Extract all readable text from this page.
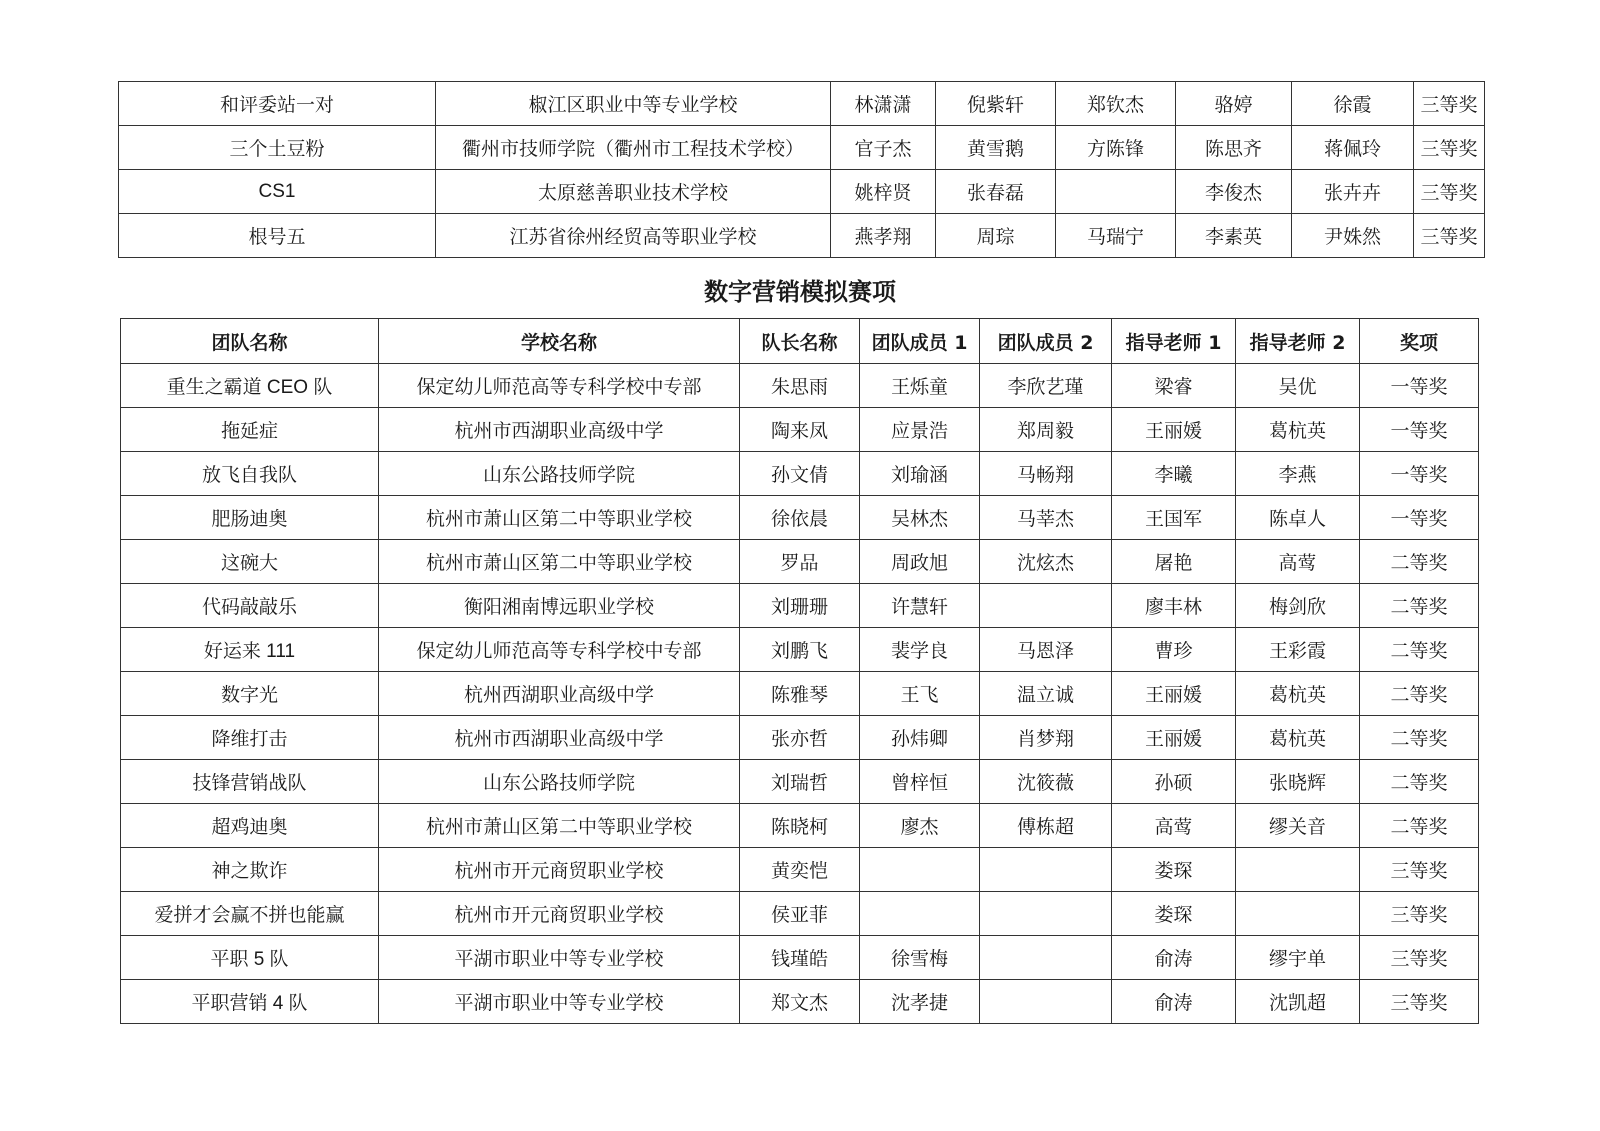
和评委站一对	椒江区职业中等专业学校	林潇潇	倪紫轩	郑钦杰	骆婷	徐霞	三等奖
三个土豆粉	衢州市技师学院（衢州市工程技术学校）	官子杰	黄雪鹅	方陈锋	陈思齐	蒋佩玲	三等奖
CS1	太原慈善职业技术学校	姚梓贤	张春磊		李俊杰	张卉卉	三等奖
根号五	江苏省徐州经贸高等职业学校	燕孝翔	周琮	马瑞宁	李素英	尹姝然	三等奖
数字营销模拟赛项
团队名称	学校名称	队长名称	团队成员 1	团队成员 2	指导老师 1	指导老师 2	奖项
重生之霸道 CEO 队	保定幼儿师范高等专科学校中专部	朱思雨	王烁童	李欣艺瑾	梁睿	吴优	一等奖
拖延症	杭州市西湖职业高级中学	陶来凤	应景浩	郑周毅	王丽媛	葛杭英	一等奖
放飞自我队	山东公路技师学院	孙文倩	刘瑜涵	马畅翔	李曦	李燕	一等奖
肥肠迪奥	杭州市萧山区第二中等职业学校	徐依晨	吴林杰	马莘杰	王国军	陈卓人	一等奖
这碗大	杭州市萧山区第二中等职业学校	罗品	周政旭	沈炫杰	屠艳	高莺	二等奖
代码敲敲乐	衡阳湘南博远职业学校	刘珊珊	许慧轩		廖丰林	梅剑欣	二等奖
好运来 111	保定幼儿师范高等专科学校中专部	刘鹏飞	裴学良	马恩泽	曹珍	王彩霞	二等奖
数字光	杭州西湖职业高级中学	陈雅琴	王飞	温立诚	王丽媛	葛杭英	二等奖
降维打击	杭州市西湖职业高级中学	张亦哲	孙炜卿	肖梦翔	王丽媛	葛杭英	二等奖
技锋营销战队	山东公路技师学院	刘瑞哲	曾梓恒	沈筱薇	孙硕	张晓辉	二等奖
超鸡迪奥	杭州市萧山区第二中等职业学校	陈晓柯	廖杰	傅栋超	高莺	缪关音	二等奖
神之欺诈	杭州市开元商贸职业学校	黄奕恺			娄琛		三等奖
爱拼才会赢不拼也能赢	杭州市开元商贸职业学校	侯亚菲			娄琛		三等奖
平职 5 队	平湖市职业中等专业学校	钱瑾皓	徐雪梅		俞涛	缪宇单	三等奖
平职营销 4 队	平湖市职业中等专业学校	郑文杰	沈孝捷		俞涛	沈凯超	三等奖
